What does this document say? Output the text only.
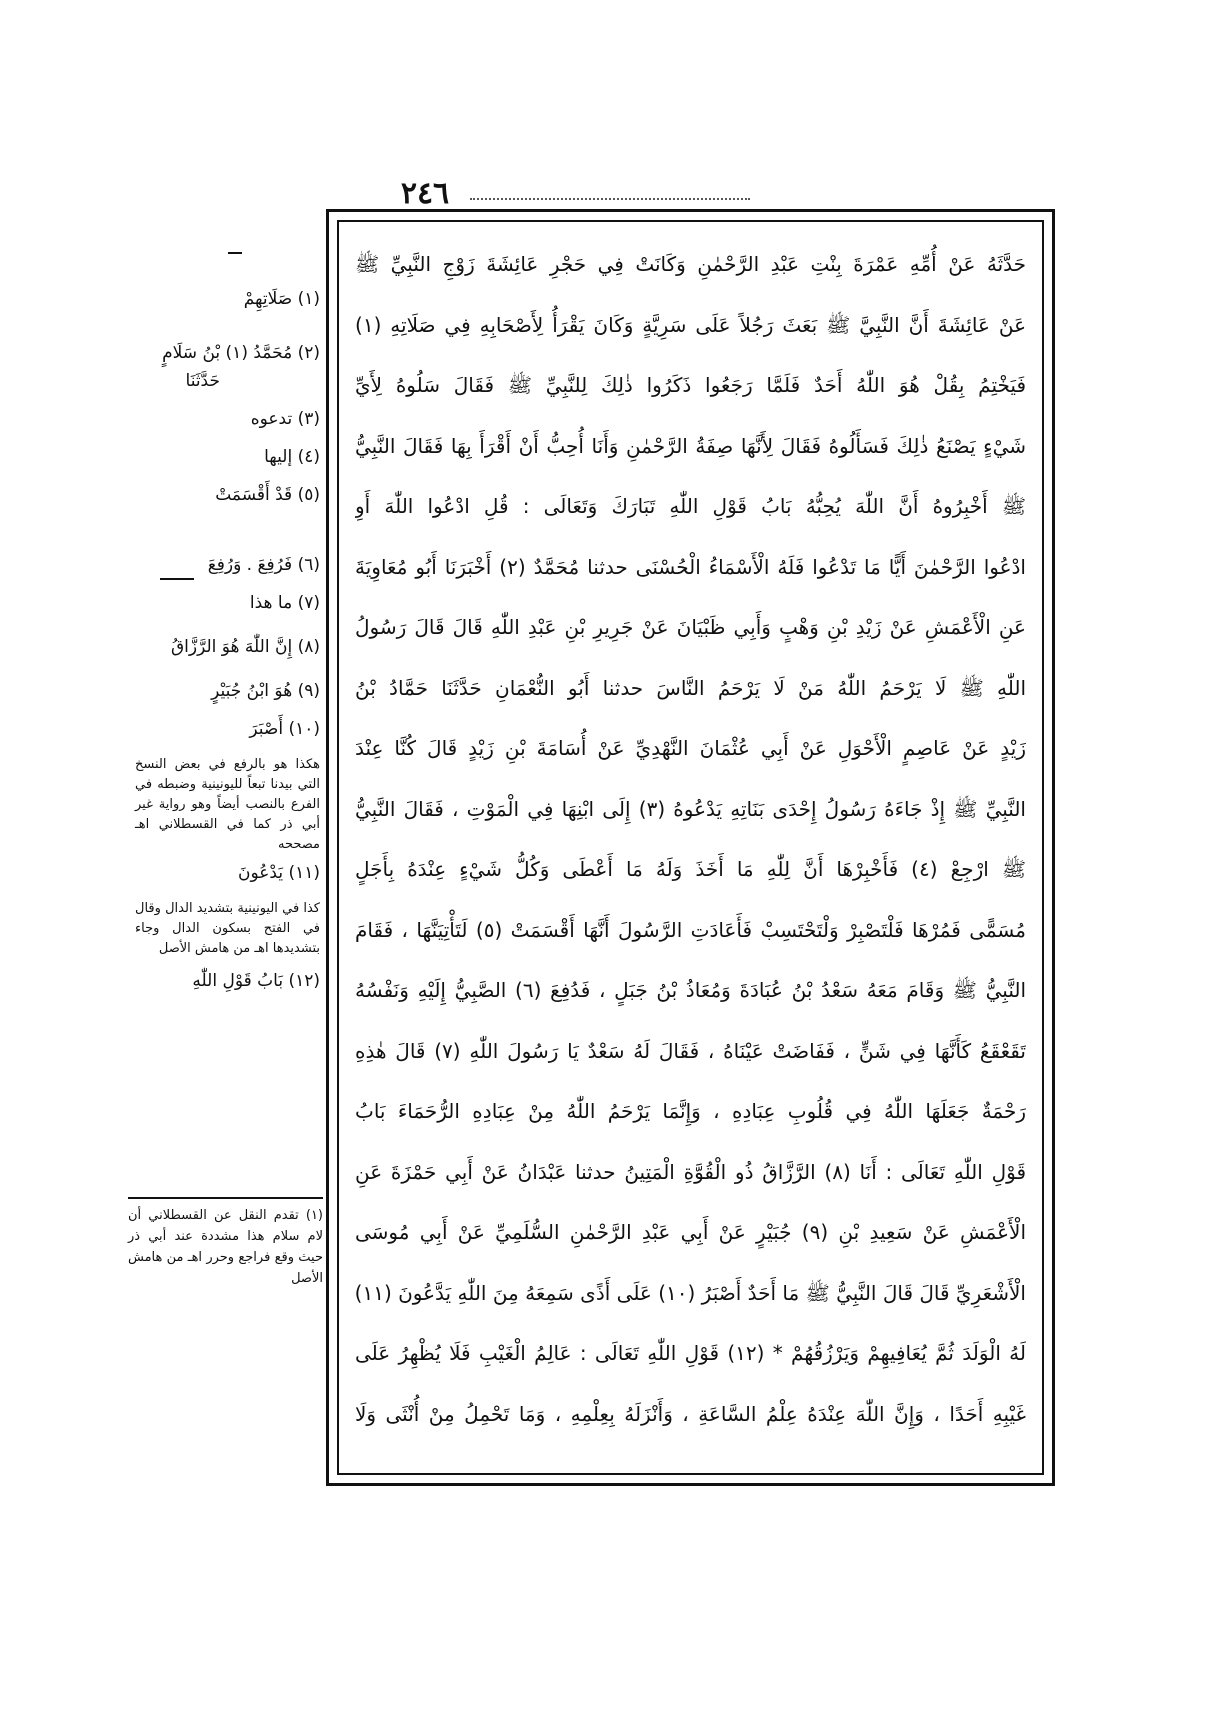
٢٤٦
حَدَّثَهُ عَنْ أُمِّهِ عَمْرَةَ بِنْتِ عَبْدِ الرَّحْمٰنِ وَكَانَتْ فِي حَجْرِ عَائِشَةَ زَوْجِ النَّبِيِّ ﷺ
عَنْ عَائِشَةَ أَنَّ النَّبِيَّ ﷺ بَعَثَ رَجُلاً عَلَى سَرِيَّةٍ وَكَانَ يَقْرَأُ لِأَصْحَابِهِ فِي صَلَاتِهِ (١)
فَيَخْتِمُ بِقُلْ هُوَ اللّٰهُ أَحَدٌ فَلَمَّا رَجَعُوا ذَكَرُوا ذٰلِكَ لِلنَّبِيِّ ﷺ فَقَالَ سَلُوهُ لِأَيِّ
شَيْءٍ يَصْنَعُ ذٰلِكَ فَسَأَلُوهُ فَقَالَ لِأَنَّهَا صِفَةُ الرَّحْمٰنِ وَأَنَا أُحِبُّ أَنْ أَقْرَأَ بِهَا فَقَالَ النَّبِيُّ
ﷺ أَخْبِرُوهُ أَنَّ اللّٰهَ يُحِبُّهُ بَابُ قَوْلِ اللّٰهِ تَبَارَكَ وَتَعَالَى : قُلِ ادْعُوا اللّٰهَ أَوِ
ادْعُوا الرَّحْمٰنَ أَيًّا مَا تَدْعُوا فَلَهُ الْأَسْمَاءُ الْحُسْنَى حدثنا مُحَمَّدٌ (٢) أَخْبَرَنَا أَبُو مُعَاوِيَةَ
عَنِ الْأَعْمَشِ عَنْ زَيْدِ بْنِ وَهْبٍ وَأَبِي ظَبْيَانَ عَنْ جَرِيرِ بْنِ عَبْدِ اللّٰهِ قَالَ قَالَ رَسُولُ
اللّٰهِ ﷺ لَا يَرْحَمُ اللّٰهُ مَنْ لَا يَرْحَمُ النَّاسَ حدثنا أَبُو النُّعْمَانِ حَدَّثَنَا حَمَّادُ بْنُ
زَيْدٍ عَنْ عَاصِمٍ الْأَحْوَلِ عَنْ أَبِي عُثْمَانَ النَّهْدِيِّ عَنْ أُسَامَةَ بْنِ زَيْدٍ قَالَ كُنَّا عِنْدَ
النَّبِيِّ ﷺ إِذْ جَاءَهُ رَسُولُ إِحْدَى بَنَاتِهِ يَدْعُوهُ (٣) إِلَى ابْنِهَا فِي الْمَوْتِ ، فَقَالَ النَّبِيُّ
ﷺ ارْجِعْ (٤) فَأَخْبِرْهَا أَنَّ لِلّٰهِ مَا أَخَذَ وَلَهُ مَا أَعْطَى وَكُلُّ شَيْءٍ عِنْدَهُ بِأَجَلٍ
مُسَمًّى فَمُرْهَا فَلْتَصْبِرْ وَلْتَحْتَسِبْ فَأَعَادَتِ الرَّسُولَ أَنَّهَا أَقْسَمَتْ (٥) لَتَأْتِيَنَّهَا ، فَقَامَ
النَّبِيُّ ﷺ وَقَامَ مَعَهُ سَعْدُ بْنُ عُبَادَةَ وَمُعَاذُ بْنُ جَبَلٍ ، فَدُفِعَ (٦) الصَّبِيُّ إِلَيْهِ وَنَفْسُهُ
تَقَعْقَعُ كَأَنَّهَا فِي شَنٍّ ، فَفَاضَتْ عَيْنَاهُ ، فَقَالَ لَهُ سَعْدٌ يَا رَسُولَ اللّٰهِ (٧) قَالَ هٰذِهِ
رَحْمَةٌ جَعَلَهَا اللّٰهُ فِي قُلُوبِ عِبَادِهِ ، وَإِنَّمَا يَرْحَمُ اللّٰهُ مِنْ عِبَادِهِ الرُّحَمَاءَ بَابُ
قَوْلِ اللّٰهِ تَعَالَى : أَنَا (٨) الرَّزَّاقُ ذُو الْقُوَّةِ الْمَتِينُ حدثنا عَبْدَانُ عَنْ أَبِي حَمْزَةَ عَنِ
الْأَعْمَشِ عَنْ سَعِيدِ بْنِ (٩) جُبَيْرٍ عَنْ أَبِي عَبْدِ الرَّحْمٰنِ السُّلَمِيِّ عَنْ أَبِي مُوسَى
الْأَشْعَرِيِّ قَالَ قَالَ النَّبِيُّ ﷺ مَا أَحَدٌ أَصْبَرُ (١٠) عَلَى أَذًى سَمِعَهُ مِنَ اللّٰهِ يَدَّعُونَ (١١)
لَهُ الْوَلَدَ ثُمَّ يُعَافِيهِمْ وَيَرْزُقُهُمْ * (١٢) قَوْلِ اللّٰهِ تَعَالَى : عَالِمُ الْغَيْبِ فَلَا يُظْهِرُ عَلَى
غَيْبِهِ أَحَدًا ، وَإِنَّ اللّٰهَ عِنْدَهُ عِلْمُ السَّاعَةِ ، وَأَنْزَلَهُ بِعِلْمِهِ ، وَمَا تَحْمِلُ مِنْ أُنْثَى وَلَا
(١) صَلَاتِهِمْ
(٢) مُحَمَّدُ (١) بْنُ سَلَامٍ
حَدَّثَنَا
(٣) تدعوه
(٤) إليها
(٥) قَدْ أَقْسَمَتْ
(٦) فَرُفِعَ . وَرُفِعَ
(٧) ما هذا
(٨) إِنَّ اللّٰهَ هُوَ الرَّزَّاقُ
(٩) هُوَ ابْنُ جُبَيْرٍ
(١٠) أَصْبَرَ
هكذا هو بالرفع في بعض النسخ التي بيدنا تبعاً لليونينية وضبطه في الفرع بالنصب أيضاً وهو رواية غير أبي ذر كما في القسطلاني اهـ مصححه
(١١) يَدْعُونَ
كذا في اليونينية بتشديد الدال وقال في الفتح بسكون الدال وجاء بتشديدها اهـ من هامش الأصل
(١٢) بَابُ قَوْلِ اللّٰهِ
(١) تقدم النقل عن القسطلاني أن لام سلام هذا مشددة عند أبي ذر حيث وقع فراجع وحرر اهـ من هامش الأصل
